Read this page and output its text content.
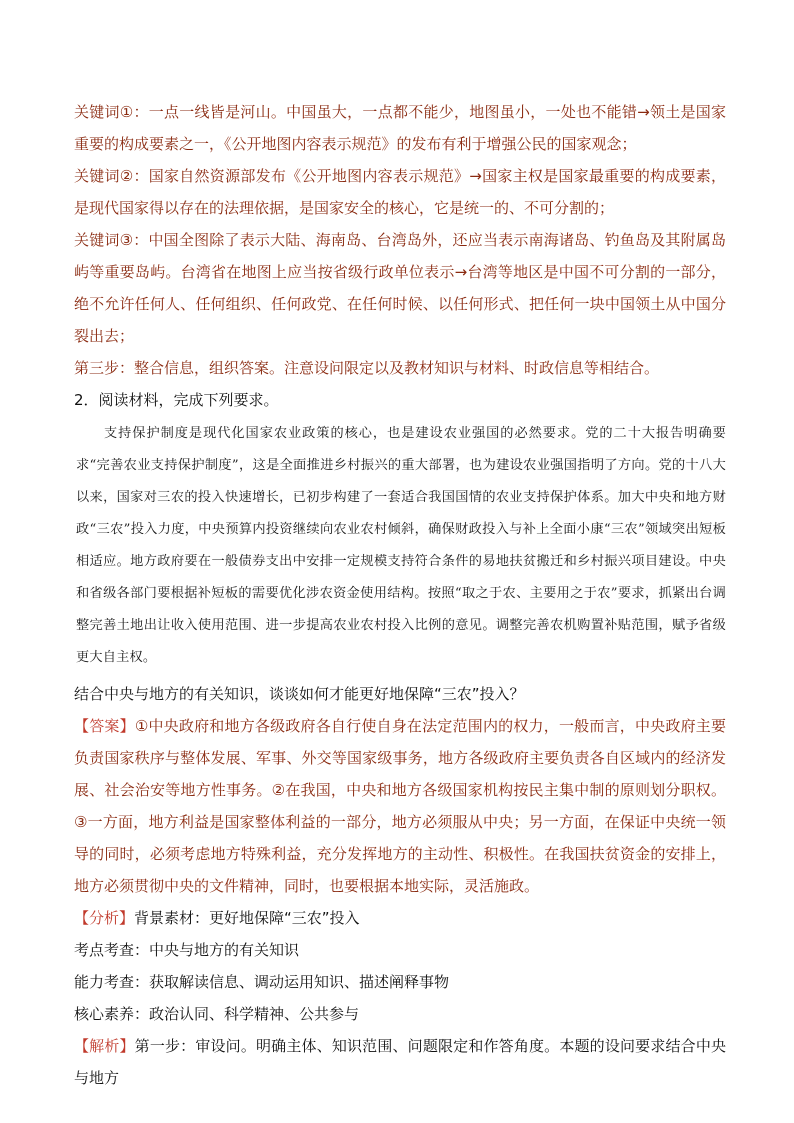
关键词①：一点一线皆是河山。中国虽大，一点都不能少，地图虽小，一处也不能错→领土是国家重要的构成要素之一，《公开地图内容表示规范》的发布有利于增强公民的国家观念；

关键词②：国家自然资源部发布《公开地图内容表示规范》→国家主权是国家最重要的构成要素，是现代国家得以存在的法理依据，是国家安全的核心，它是统一的、不可分割的；

关键词③：中国全图除了表示大陆、海南岛、台湾岛外，还应当表示南海诸岛、钓鱼岛及其附属岛屿等重要岛屿。台湾省在地图上应当按省级行政单位表示→台湾等地区是中国不可分割的一部分，绝不允许任何人、任何组织、任何政党、在任何时候、以任何形式、把任何一块中国领土从中国分裂出去；

第三步：整合信息，组织答案。注意设问限定以及教材知识与材料、时政信息等相结合。

2．阅读材料，完成下列要求。

支持保护制度是现代化国家农业政策的核心，也是建设农业强国的必然要求。党的二十大报告明确要求“完善农业支持保护制度”，这是全面推进乡村振兴的重大部署，也为建设农业强国指明了方向。党的十八大以来，国家对三农的投入快速增长，已初步构建了一套适合我国国情的农业支持保护体系。加大中央和地方财政“三农”投入力度，中央预算内投资继续向农业农村倾斜，确保财政投入与补上全面小康“三农”领域突出短板相适应。地方政府要在一般债券支出中安排一定规模支持符合条件的易地扶贫搬迁和乡村振兴项目建设。中央和省级各部门要根据补短板的需要优化涉农资金使用结构。按照“取之于农、主要用之于农”要求，抓紧出台调整完善土地出让收入使用范围、进一步提高农业农村投入比例的意见。调整完善农机购置补贴范围，赋予省级更大自主权。

结合中央与地方的有关知识，谈谈如何才能更好地保障“三农”投入？

【答案】①中央政府和地方各级政府各自行使自身在法定范围内的权力，一般而言，中央政府主要负责国家秩序与整体发展、军事、外交等国家级事务，地方各级政府主要负责各自区域内的经济发展、社会治安等地方性事务。②在我国，中央和地方各级国家机构按民主集中制的原则划分职权。③一方面，地方利益是国家整体利益的一部分，地方必须服从中央；另一方面，在保证中央统一领导的同时，必须考虑地方特殊利益，充分发挥地方的主动性、积极性。在我国扶贫资金的安排上，地方必须贯彻中央的文件精神，同时，也要根据本地实际，灵活施政。

【分析】背景素材：更好地保障“三农”投入

考点考查：中央与地方的有关知识

能力考查：获取解读信息、调动运用知识、描述阐释事物

核心素养：政治认同、科学精神、公共参与

【解析】第一步：审设问。明确主体、知识范围、问题限定和作答角度。本题的设问要求结合中央与地方
